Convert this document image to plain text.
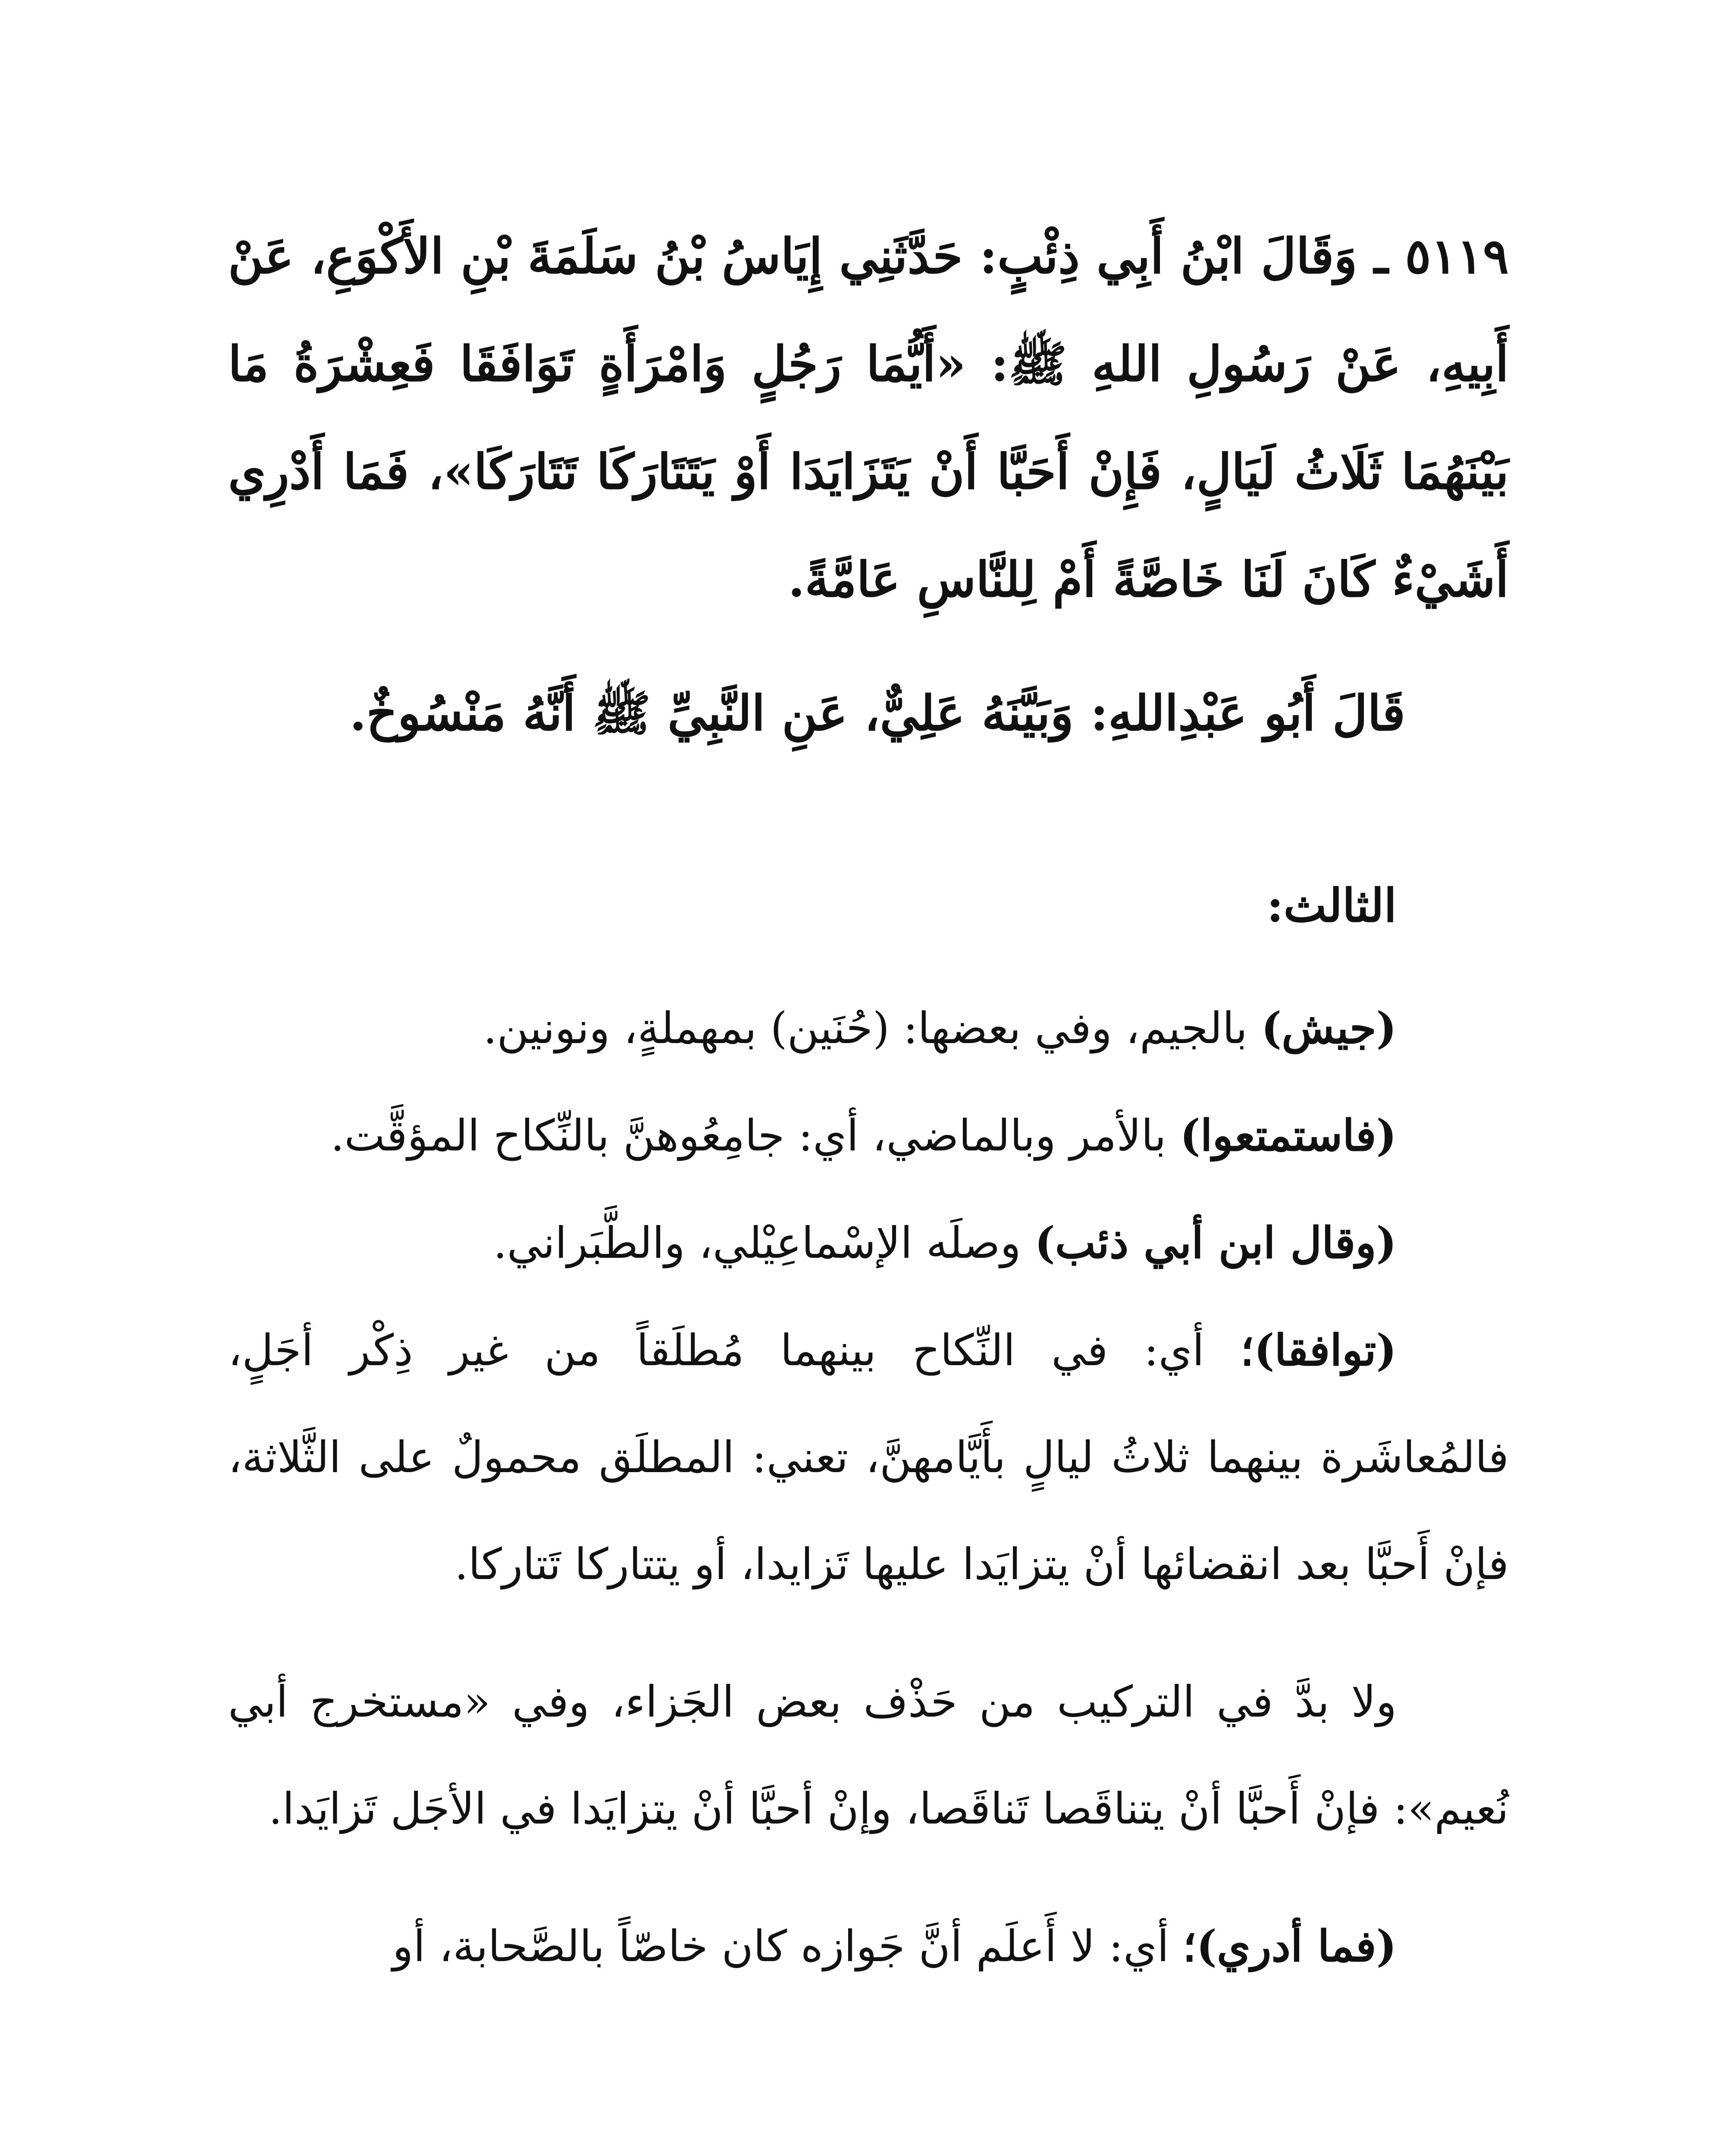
٥١١٩ ـ وَقَالَ ابْنُ أَبِي ذِئْبٍ: حَدَّثَنِي إِيَاسُ بْنُ سَلَمَةَ بْنِ الأَكْوَعِ، عَنْ أَبِيهِ، عَنْ رَسُولِ اللهِ ﷺ: «أَيُّمَا رَجُلٍ وَامْرَأَةٍ تَوَافَقَا فَعِشْرَةُ مَا بَيْنَهُمَا ثَلَاثُ لَيَالٍ، فَإِنْ أَحَبَّا أَنْ يَتَزَايَدَا أَوْ يَتَتَارَكَا تَتَارَكَا»، فَمَا أَدْرِي أَشَيْءٌ كَانَ لَنَا خَاصَّةً أَمْ لِلنَّاسِ عَامَّةً.
قَالَ أَبُو عَبْدِاللهِ: وَبَيَّنَهُ عَلِيٌّ، عَنِ النَّبِيِّ ﷺ أَنَّهُ مَنْسُوخٌ.
الثالث:

(جيش) بالجيم، وفي بعضها: (حُنَين) بمهملةٍ، ونونين.

(فاستمتعوا) بالأمر وبالماضي، أي: جامِعُوهنَّ بالنِّكاح المؤقَّت.

(وقال ابن أبي ذئب) وصلَه الإسْماعِيْلي، والطَّبَراني.

(توافقا)؛ أي: في النِّكاح بينهما مُطلَقاً من غير ذِكْر أجَلٍ، فالمُعاشَرة بينهما ثلاثُ ليالٍ بأَيَّامهنَّ، تعني: المطلَق محمولٌ على الثَّلاثة، فإنْ أَحبَّا بعد انقضائها أنْ يتزايَدا عليها تَزايدا، أو يتتاركا تَتاركا.

ولا بدَّ في التركيب من حَذْف بعض الجَزاء، وفي «مستخرج أبي نُعيم»: فإنْ أَحبَّا أنْ يتناقَصا تَناقَصا، وإنْ أحبَّا أنْ يتزايَدا في الأجَل تَزايَدا.

(فما أدري)؛ أي: لا أَعلَم أنَّ جَوازه كان خاصّاً بالصَّحابة، أو
